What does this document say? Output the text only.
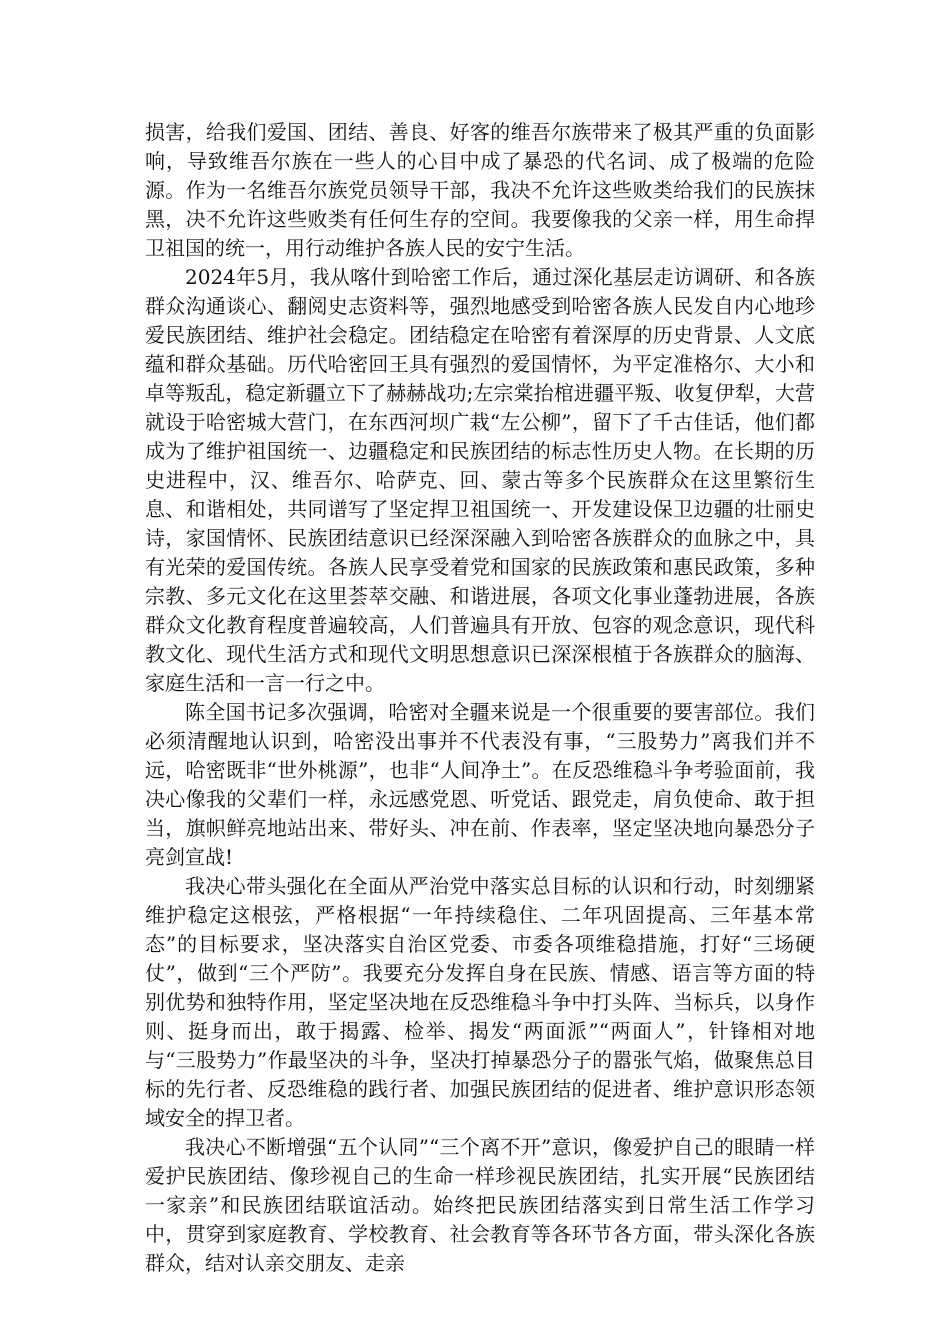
损害，给我们爱国、团结、善良、好客的维吾尔族带来了极其严重的负面影响，导致维吾尔族在一些人的心目中成了暴恐的代名词、成了极端的危险源。作为一名维吾尔族党员领导干部，我决不允许这些败类给我们的民族抹黑，决不允许这些败类有任何生存的空间。我要像我的父亲一样，用生命捍卫祖国的统一，用行动维护各族人民的安宁生活。

2024年5月，我从喀什到哈密工作后，通过深化基层走访调研、和各族群众沟通谈心、翻阅史志资料等，强烈地感受到哈密各族人民发自内心地珍爱民族团结、维护社会稳定。团结稳定在哈密有着深厚的历史背景、人文底蕴和群众基础。历代哈密回王具有强烈的爱国情怀，为平定准格尔、大小和卓等叛乱，稳定新疆立下了赫赫战功;左宗棠抬棺进疆平叛、收复伊犁，大营就设于哈密城大营门，在东西河坝广栽“左公柳”，留下了千古佳话，他们都成为了维护祖国统一、边疆稳定和民族团结的标志性历史人物。在长期的历史进程中，汉、维吾尔、哈萨克、回、蒙古等多个民族群众在这里繁衍生息、和谐相处，共同谱写了坚定捍卫祖国统一、开发建设保卫边疆的壮丽史诗，家国情怀、民族团结意识已经深深融入到哈密各族群众的血脉之中，具有光荣的爱国传统。各族人民享受着党和国家的民族政策和惠民政策，多种宗教、多元文化在这里荟萃交融、和谐进展，各项文化事业蓬勃进展，各族群众文化教育程度普遍较高，人们普遍具有开放、包容的观念意识，现代科教文化、现代生活方式和现代文明思想意识已深深根植于各族群众的脑海、家庭生活和一言一行之中。

陈全国书记多次强调，哈密对全疆来说是一个很重要的要害部位。我们必须清醒地认识到，哈密没出事并不代表没有事，“三股势力”离我们并不远，哈密既非“世外桃源”，也非“人间净土”。在反恐维稳斗争考验面前，我决心像我的父辈们一样，永远感党恩、听党话、跟党走，肩负使命、敢于担当，旗帜鲜亮地站出来、带好头、冲在前、作表率，坚定坚决地向暴恐分子亮剑宣战!

我决心带头强化在全面从严治党中落实总目标的认识和行动，时刻绷紧维护稳定这根弦，严格根据“一年持续稳住、二年巩固提高、三年基本常态”的目标要求，坚决落实自治区党委、市委各项维稳措施，打好“三场硬仗”，做到“三个严防”。我要充分发挥自身在民族、情感、语言等方面的特别优势和独特作用，坚定坚决地在反恐维稳斗争中打头阵、当标兵，以身作则、挺身而出，敢于揭露、检举、揭发“两面派”“两面人”，针锋相对地与“三股势力”作最坚决的斗争，坚决打掉暴恐分子的嚣张气焰，做聚焦总目标的先行者、反恐维稳的践行者、加强民族团结的促进者、维护意识形态领域安全的捍卫者。

我决心不断增强“五个认同”“三个离不开”意识，像爱护自己的眼睛一样爱护民族团结、像珍视自己的生命一样珍视民族团结，扎实开展“民族团结一家亲”和民族团结联谊活动。始终把民族团结落实到日常生活工作学习中，贯穿到家庭教育、学校教育、社会教育等各环节各方面，带头深化各族群众，结对认亲交朋友、走亲
